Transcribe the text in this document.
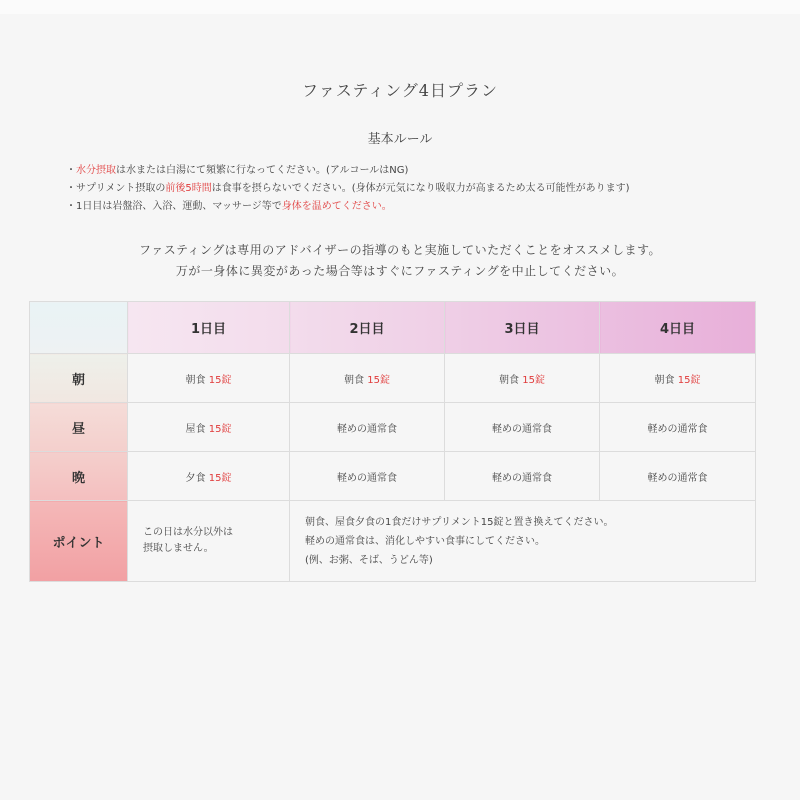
ファスティング4日プラン
基本ルール
・水分摂取は水または白湯にて頻繁に行なってください。(アルコールはNG)
・サプリメント摂取の前後5時間は食事を摂らないでください。(身体が元気になり吸収力が高まるため太る可能性があります)
・1日目は岩盤浴、入浴、運動、マッサージ等で身体を温めてください。
ファスティングは専用のアドバイザーの指導のもと実施していただくことをオススメします。
万が一身体に異変があった場合等はすぐにファスティングを中止してください。
	1日目	2日目	3日目	4日目
朝	朝食 15錠	朝食 15錠	朝食 15錠	朝食 15錠
昼	屋食 15錠	軽めの通常食	軽めの通常食	軽めの通常食
晩	夕食 15錠	軽めの通常食	軽めの通常食	軽めの通常食
ポイント	この日は水分以外は
摂取しません。	朝食、屋食夕食の1食だけサプリメント15錠と置き換えてください。
軽めの通常食は、消化しやすい食事にしてください。
(例、お粥、そば、うどん等)		
